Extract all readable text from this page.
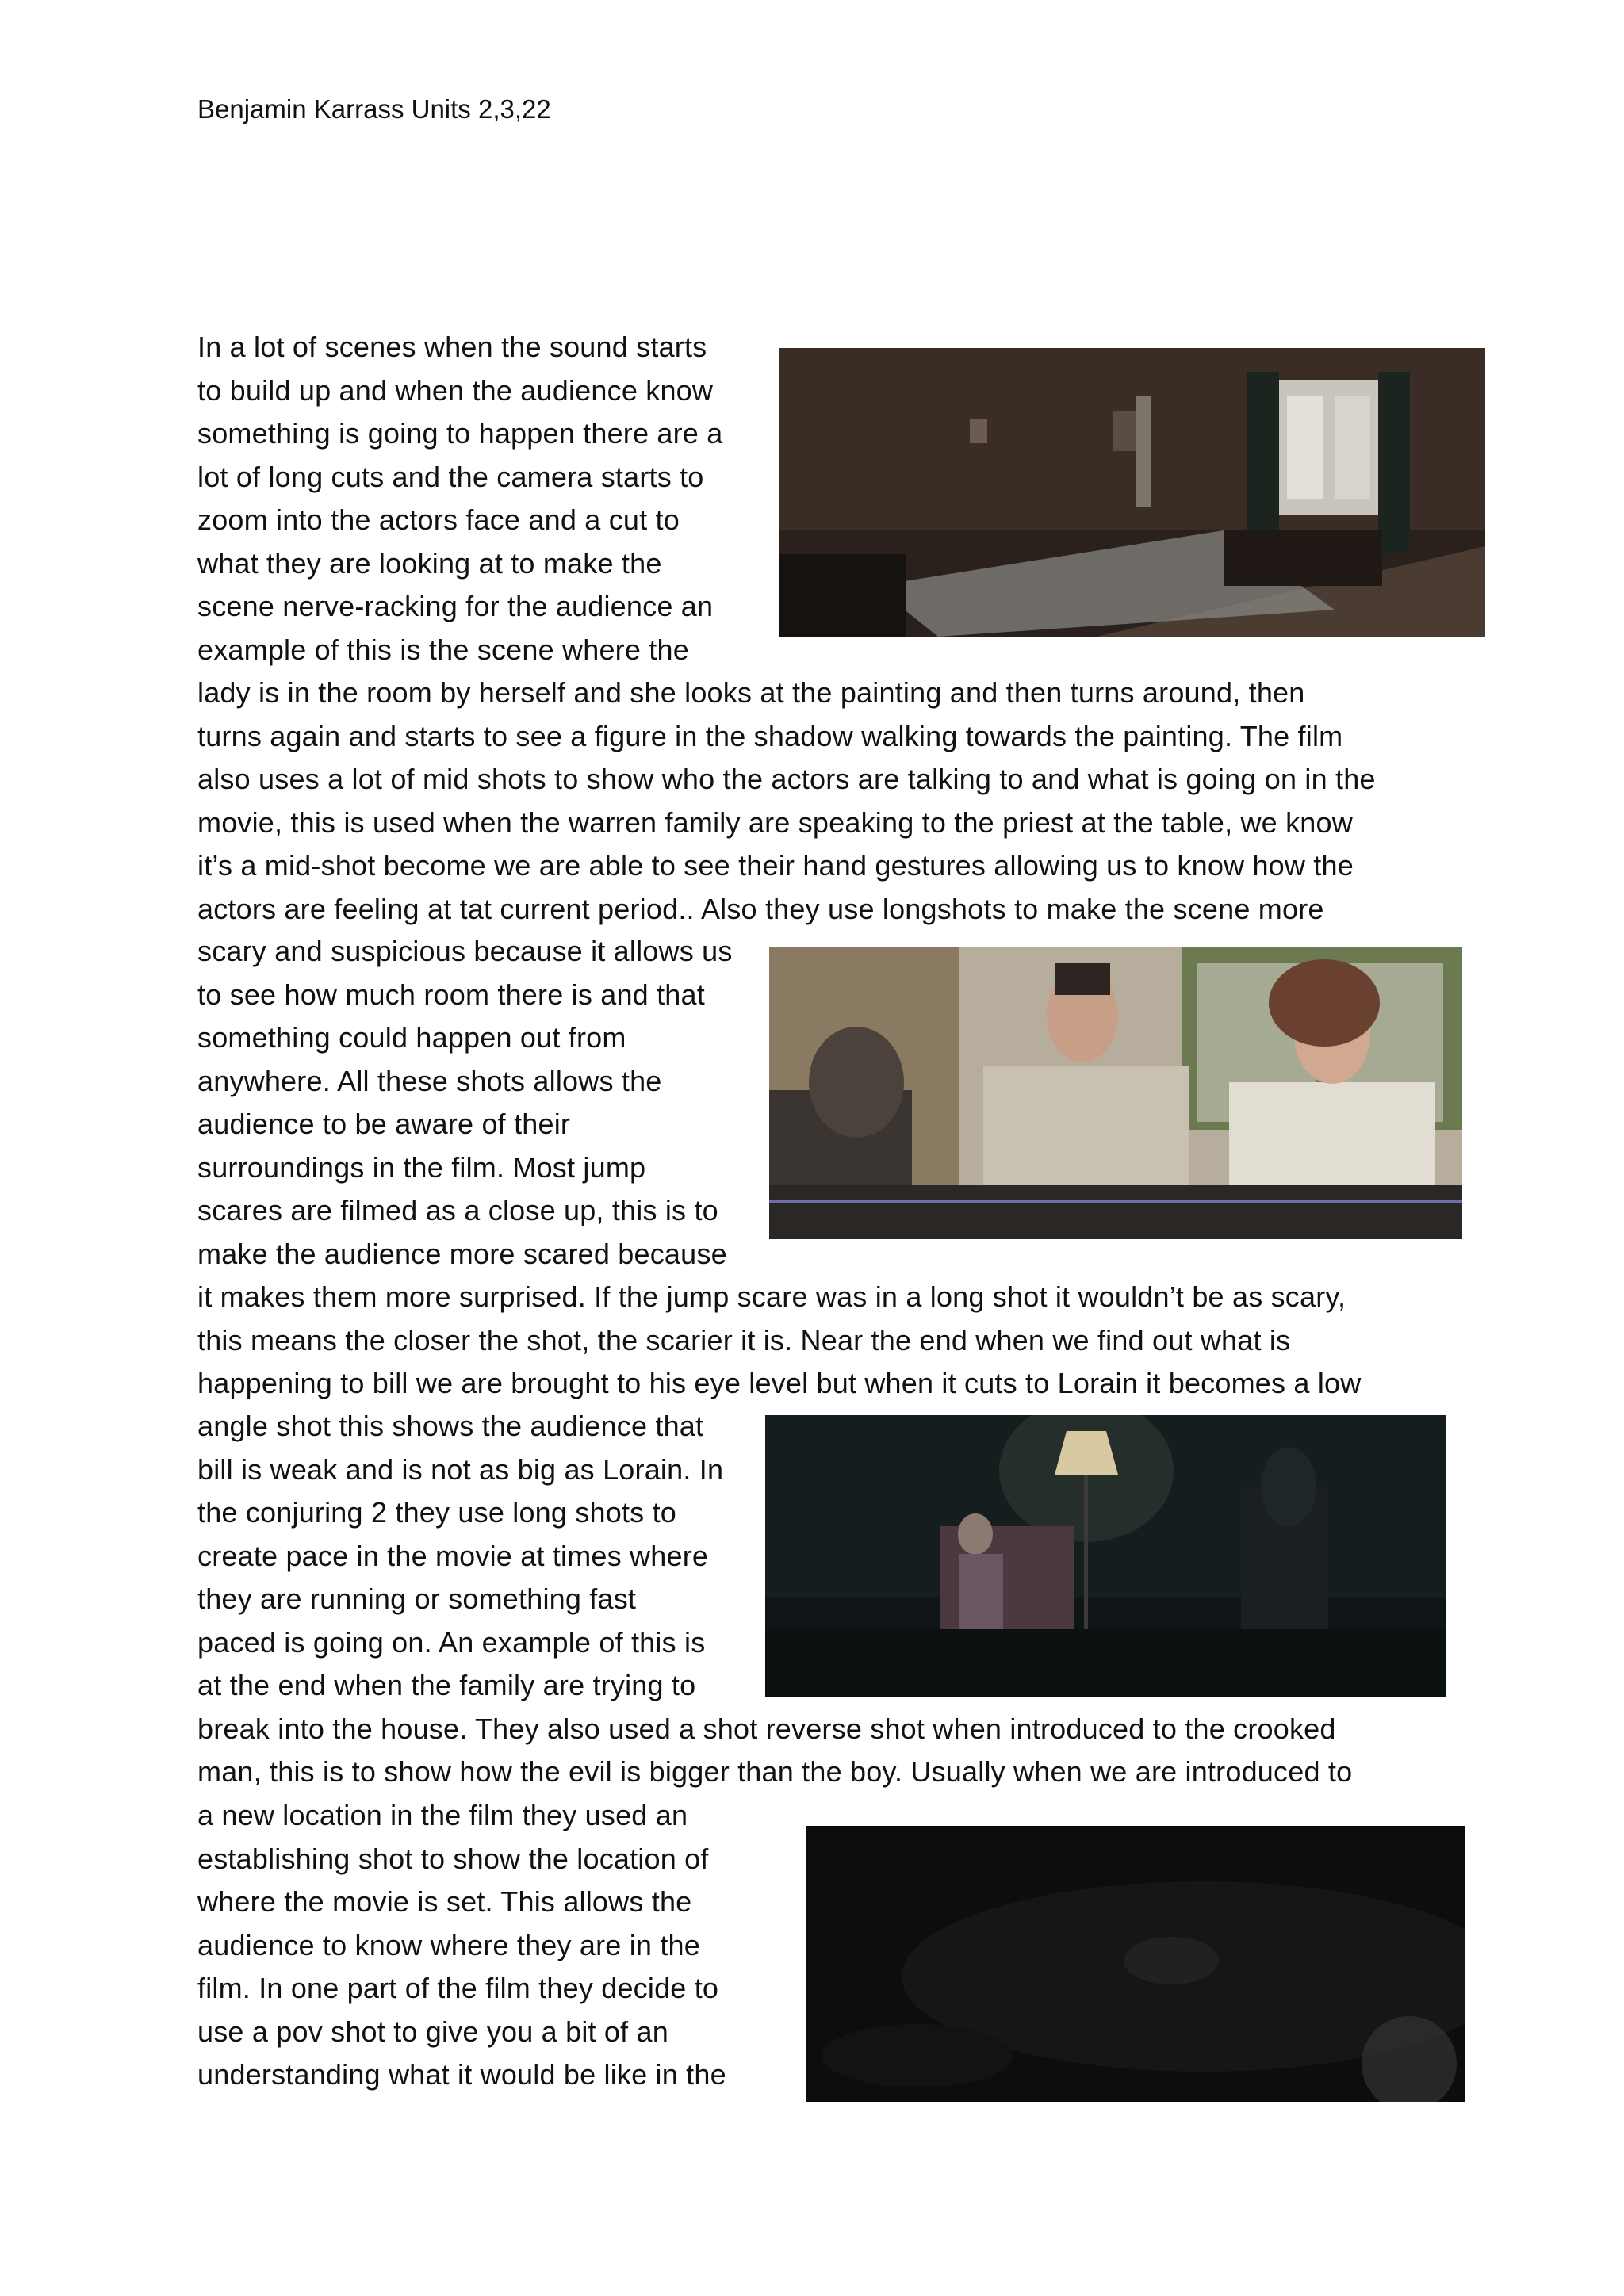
Benjamin Karrass Units 2,3,22
In a lot of scenes when the sound starts
to build up and when the audience know
something is going to happen there are a
lot of long cuts and the camera starts to
zoom into the actors face and a cut to
what they are looking at to make the
scene nerve-racking for the audience an
example of this is the scene where the
lady is in the room by herself and she looks at the painting and then turns around, then
turns again and starts to see a figure in the shadow walking towards the painting. The film
also uses a lot of mid shots to show who the actors are talking to and what is going on in the
movie, this is used when the warren family are speaking to the priest at the table, we know
it’s a mid-shot become we are able to see their hand gestures allowing us to know how the
actors are feeling at tat current period.. Also they use longshots to make the scene more
scary and suspicious because it allows us
to see how much room there is and that
something could happen out from
anywhere. All these shots allows the
audience to be aware of their
surroundings in the film. Most jump
scares are filmed as a close up, this is to
make the audience more scared because
it makes them more surprised. If the jump scare was in a long shot it wouldn’t be as scary,
this means the closer the shot, the scarier it is. Near the end when we find out what is
happening to bill we are brought to his eye level but when it cuts to Lorain it becomes a low
angle shot this shows the audience that
bill is weak and is not as big as Lorain. In
the conjuring 2 they use long shots to
create pace in the movie at times where
they are running or something fast
paced is going on. An example of this is
at the end when the family are trying to
break into the house. They also used a shot reverse shot when introduced to the crooked
man, this is to show how the evil is bigger than the boy. Usually when we are introduced to
a new location in the film they used an
establishing shot to show the location of
where the movie is set. This allows the
audience to know where they are in the
film. In one part of the film they decide to
use a pov shot to give you a bit of an
understanding what it would be like in the
